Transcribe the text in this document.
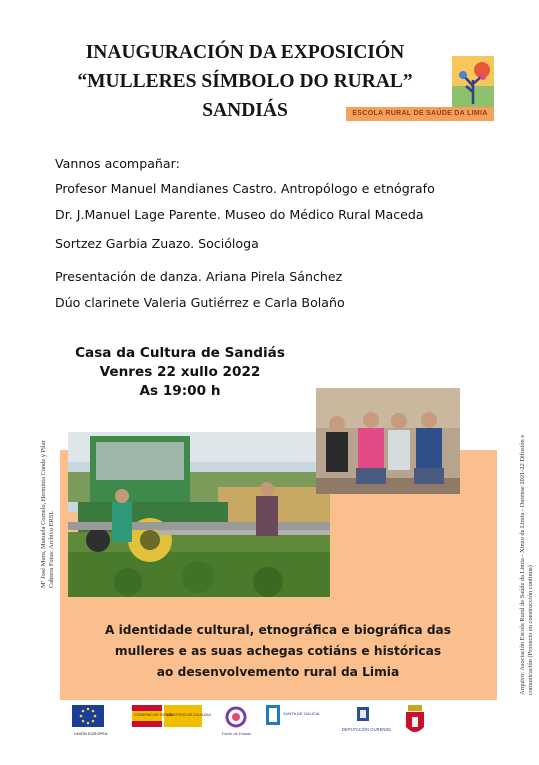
INAUGURACIÓN DA EXPOSICIÓN
“MULLERES SÍMBOLO DO RURAL”
SANDIÁS	ESCOLA RURAL DE SAÚDE DA LIMIA
Vannos acompañar:
Profesor Manuel Mandianes Castro. Antropólogo e etnógrafo
Dr. J.Manuel Lage Parente. Museo do Médico Rural Maceda
Sortzez Garbia Zuazo. Socióloga
Presentación de danza. Ariana Pirela Sánchez
Dúo clarinete Valeria Gutiérrez e Carla Bolaño
Casa da Cultura de Sandiás
Venres 22 xullo 2022
As 19:00 h
Mª José Muro, Manuela Cornelo, Herminia Conde y Pilar Cabrera Fotos: Archivo ERSL	Arquivo: Asociación Escola Rural de Saúde da Limia - Xinzo de Limia - Ourense 2021-22 Difusión e comunicación (Proxecto en construcción continua)
A identidade cultural, etnográfica e biográfica das
mulleres e as suas achegas cotiáns e históricas
ao desenvolvemento rural da Limia
UNIÓN EUROPEA
GOBIERNO DE ESPAÑA
MINISTERIO DE IGUALDAD
Pacto de Estado
XUNTA DE GALICIA
DEPUTACIÓN OURENSE
